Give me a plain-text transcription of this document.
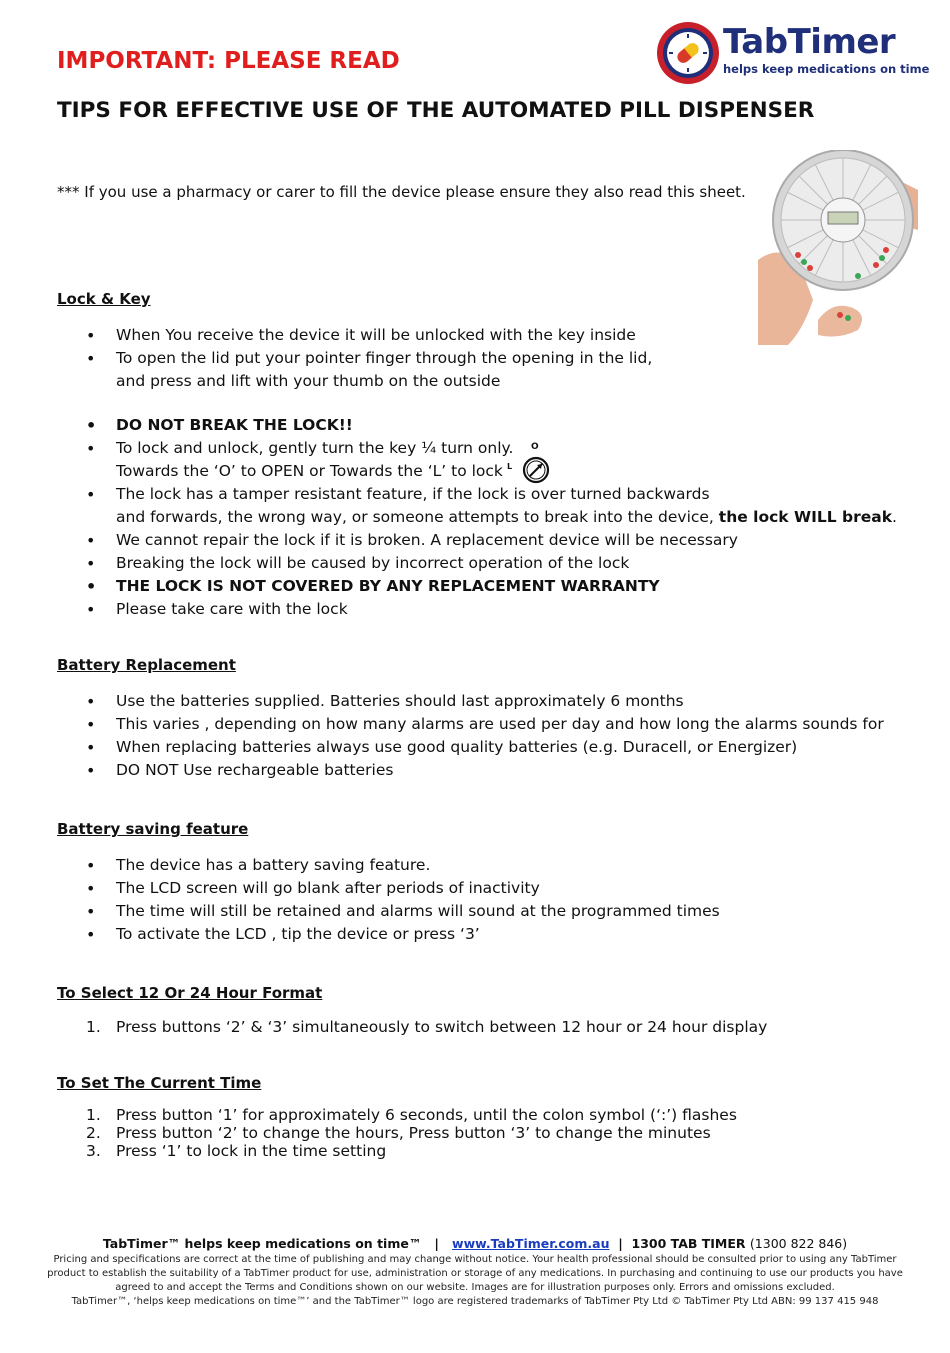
IMPORTANT: PLEASE READ
TIPS FOR EFFECTIVE USE OF THE AUTOMATED PILL DISPENSER
*** If you use a pharmacy or carer to fill the device please ensure they also read this sheet.
TabTimer
helps keep medications on time
Lock & Key
• When You receive the device it will be unlocked with the key inside
• To open the lid put your pointer finger through the opening in the lid,
and press and lift with your thumb on the outside
• DO NOT BREAK THE LOCK!!
• To lock and unlock, gently turn the key ¼ turn only.
Towards the ‘O’ to OPEN or Towards the ‘L’ to lock
• The lock has a tamper resistant feature, if the lock is over turned backwards
and forwards, the wrong way, or someone attempts to break into the device, the lock WILL break.
• We cannot repair the lock if it is broken. A replacement device will be necessary
• Breaking the lock will be caused by incorrect operation of the lock
• THE LOCK IS NOT COVERED BY ANY REPLACEMENT WARRANTY
• Please take care with the lock
O
L
Battery Replacement
• Use the batteries supplied. Batteries should last approximately 6 months
• This varies , depending on how many alarms are used per day and how long the alarms sounds for
• When replacing batteries always use good quality batteries (e.g. Duracell, or Energizer)
• DO NOT Use rechargeable batteries
Battery saving feature
• The device has a battery saving feature.
• The LCD screen will go blank after periods of inactivity
• The time will still be retained and alarms will sound at the programmed times
• To activate the LCD , tip the device or press ‘3’
To Select 12 Or 24 Hour Format
1. Press buttons ‘2’ & ‘3’ simultaneously to switch between 12 hour or 24 hour display
To Set The Current Time
1. Press button ‘1’ for approximately 6 seconds, until the colon symbol (‘:’) flashes
2. Press button ‘2’ to change the hours, Press button ‘3’ to change the minutes
3. Press ‘1’ to lock in the time setting
TabTimer™ helps keep medications on time™ | www.TabTimer.com.au | 1300 TAB TIMER (1300 822 846)
Pricing and specifications are correct at the time of publishing and may change without notice. Your health professional should be consulted prior to using any TabTimer
product to establish the suitability of a TabTimer product for use, administration or storage of any medications. In purchasing and continuing to use our products you have
agreed to and accept the Terms and Conditions shown on our website. Images are for illustration purposes only. Errors and omissions excluded.
TabTimer™, ‘helps keep medications on time™’ and the TabTimer™ logo are registered trademarks of TabTimer Pty Ltd © TabTimer Pty Ltd ABN: 99 137 415 948
